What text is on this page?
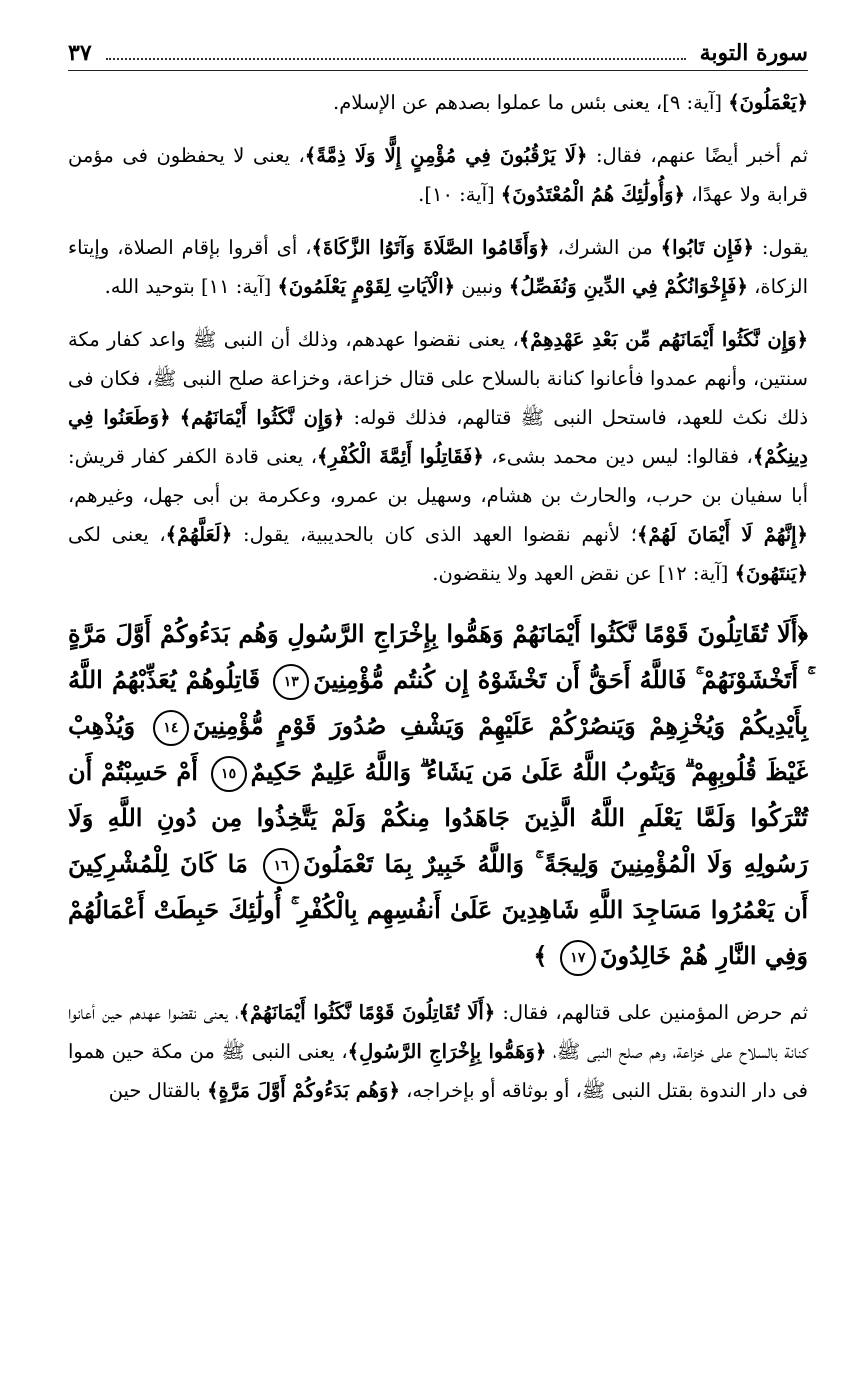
سورة التوبة
٣٧

﴿يَعْمَلُونَ﴾ [آية: ٩]، يعنى بئس ما عملوا بصدهم عن الإسلام.

ثم أخبر أيضًا عنهم، فقال: ﴿لَا يَرْقُبُونَ فِي مُؤْمِنٍ إِلًّا وَلَا ذِمَّةً﴾، يعنى لا يحفظون فى مؤمن قرابة ولا عهدًا، ﴿وَأُولَٰئِكَ هُمُ الْمُعْتَدُونَ﴾ [آية: ١٠].

يقول: ﴿فَإِن تَابُوا﴾ من الشرك، ﴿وَأَقَامُوا الصَّلَاةَ وَآتَوُا الزَّكَاةَ﴾، أى أقروا بإقام الصلاة، وإيتاء الزكاة، ﴿فَإِخْوَانُكُمْ فِي الدِّينِ وَنُفَصِّلُ﴾ ونبين ﴿الْآيَاتِ لِقَوْمٍ يَعْلَمُونَ﴾ [آية: ١١] بتوحيد الله.

﴿وَإِن نَّكَثُوا أَيْمَانَهُم مِّن بَعْدِ عَهْدِهِمْ﴾، يعنى نقضوا عهدهم، وذلك أن النبى ﷺ واعد كفار مكة سنتين، وأنهم عمدوا فأعانوا كنانة بالسلاح على قتال خزاعة، وخزاعة صلح النبى ﷺ، فكان فى ذلك نكث للعهد، فاستحل النبى ﷺ قتالهم، فذلك قوله: ﴿وَإِن نَّكَثُوا أَيْمَانَهُم﴾ ﴿وَطَعَنُوا فِي دِينِكُمْ﴾، فقالوا: ليس دين محمد بشىء، ﴿فَقَاتِلُوا أَئِمَّةَ الْكُفْرِ﴾، يعنى قادة الكفر كفار قريش: أبا سفيان بن حرب، والحارث بن هشام، وسهيل بن عمرو، وعكرمة بن أبى جهل، وغيرهم، ﴿إِنَّهُمْ لَا أَيْمَانَ لَهُمْ﴾؛ لأنهم نقضوا العهد الذى كان بالحديبية، يقول: ﴿لَعَلَّهُمْ﴾، يعنى لكى ﴿يَنتَهُونَ﴾ [آية: ١٢] عن نقض العهد ولا ينقضون.

﴿أَلَا تُقَاتِلُونَ قَوْمًا نَّكَثُوا أَيْمَانَهُمْ وَهَمُّوا بِإِخْرَاجِ الرَّسُولِ وَهُم بَدَءُوكُمْ أَوَّلَ مَرَّةٍ ۚ أَتَخْشَوْنَهُمْ ۚ فَاللَّهُ أَحَقُّ أَن تَخْشَوْهُ إِن كُنتُم مُّؤْمِنِينَ١٣ قَاتِلُوهُمْ يُعَذِّبْهُمُ اللَّهُ بِأَيْدِيكُمْ وَيُخْزِهِمْ وَيَنصُرْكُمْ عَلَيْهِمْ وَيَشْفِ صُدُورَ قَوْمٍ مُّؤْمِنِينَ١٤ وَيُذْهِبْ غَيْظَ قُلُوبِهِمْ ۗ وَيَتُوبُ اللَّهُ عَلَىٰ مَن يَشَاءُ ۗ وَاللَّهُ عَلِيمٌ حَكِيمٌ١٥ أَمْ حَسِبْتُمْ أَن تُتْرَكُوا وَلَمَّا يَعْلَمِ اللَّهُ الَّذِينَ جَاهَدُوا مِنكُمْ وَلَمْ يَتَّخِذُوا مِن دُونِ اللَّهِ وَلَا رَسُولِهِ وَلَا الْمُؤْمِنِينَ وَلِيجَةً ۚ وَاللَّهُ خَبِيرٌ بِمَا تَعْمَلُونَ١٦ مَا كَانَ لِلْمُشْرِكِينَ أَن يَعْمُرُوا مَسَاجِدَ اللَّهِ شَاهِدِينَ عَلَىٰ أَنفُسِهِم بِالْكُفْرِ ۚ أُولَٰئِكَ حَبِطَتْ أَعْمَالُهُمْ وَفِي النَّارِ هُمْ خَالِدُونَ١٧ ﴾

ثم حرض المؤمنين على قتالهم، فقال: ﴿أَلَا تُقَاتِلُونَ قَوْمًا نَّكَثُوا أَيْمَانَهُمْ﴾، يعنى نقضوا عهدهم حين أعانوا كنانة بالسلاح على خزاعة، وهم صلح النبى ﷺ، ﴿وَهَمُّوا بِإِخْرَاجِ الرَّسُولِ﴾، يعنى النبى ﷺ من مكة حين هموا فى دار الندوة بقتل النبى ﷺ، أو بوثاقه أو بإخراجه، ﴿وَهُم بَدَءُوكُمْ أَوَّلَ مَرَّةٍ﴾ بالقتال حين
